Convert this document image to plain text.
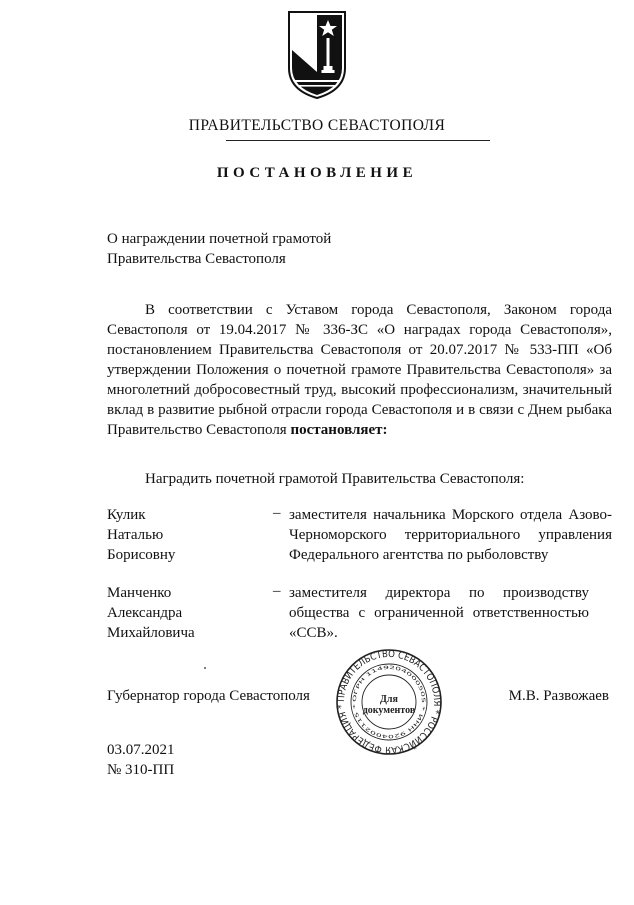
ПРАВИТЕЛЬСТВО СЕВАСТОПОЛЯ
ПОСТАНОВЛЕНИЕ
О награждении почетной грамотой
Правительства Севастополя
В соответствии с Уставом города Севастополя, Законом города Севастополя от 19.04.2017 № 336-ЗС «О наградах города Севастополя», постановлением Правительства Севастополя от 20.07.2017 № 533-ПП «Об утверждении Положения о почетной грамоте Правительства Севастополя» за многолетний добросовестный труд, высокий профессионализм, значительный вклад в развитие рыбной отрасли города Севастополя и в связи с Днем рыбака Правительство Севастополя постановляет:
Наградить почетной грамотой Правительства Севастополя:
Кулик
Наталью
Борисовну
– заместителя начальника Морского отдела Азово-Черноморского территориального управления Федерального агентства по рыболовству
Манченко
Александра
Михайловича
– заместителя директора по производству общества с ограниченной ответственностью «ССВ».
Губернатор города Севастополя	ПРАВИТЕЛЬСТВО СЕВАСТОПОЛЯ * РОССИЙСКАЯ ФЕДЕРАЦИЯ *
ОГРН 1149204000505 * ИНН 9204002115 *
Для
документов
М.В. Развожаев
03.07.2021
№ 310-ПП
